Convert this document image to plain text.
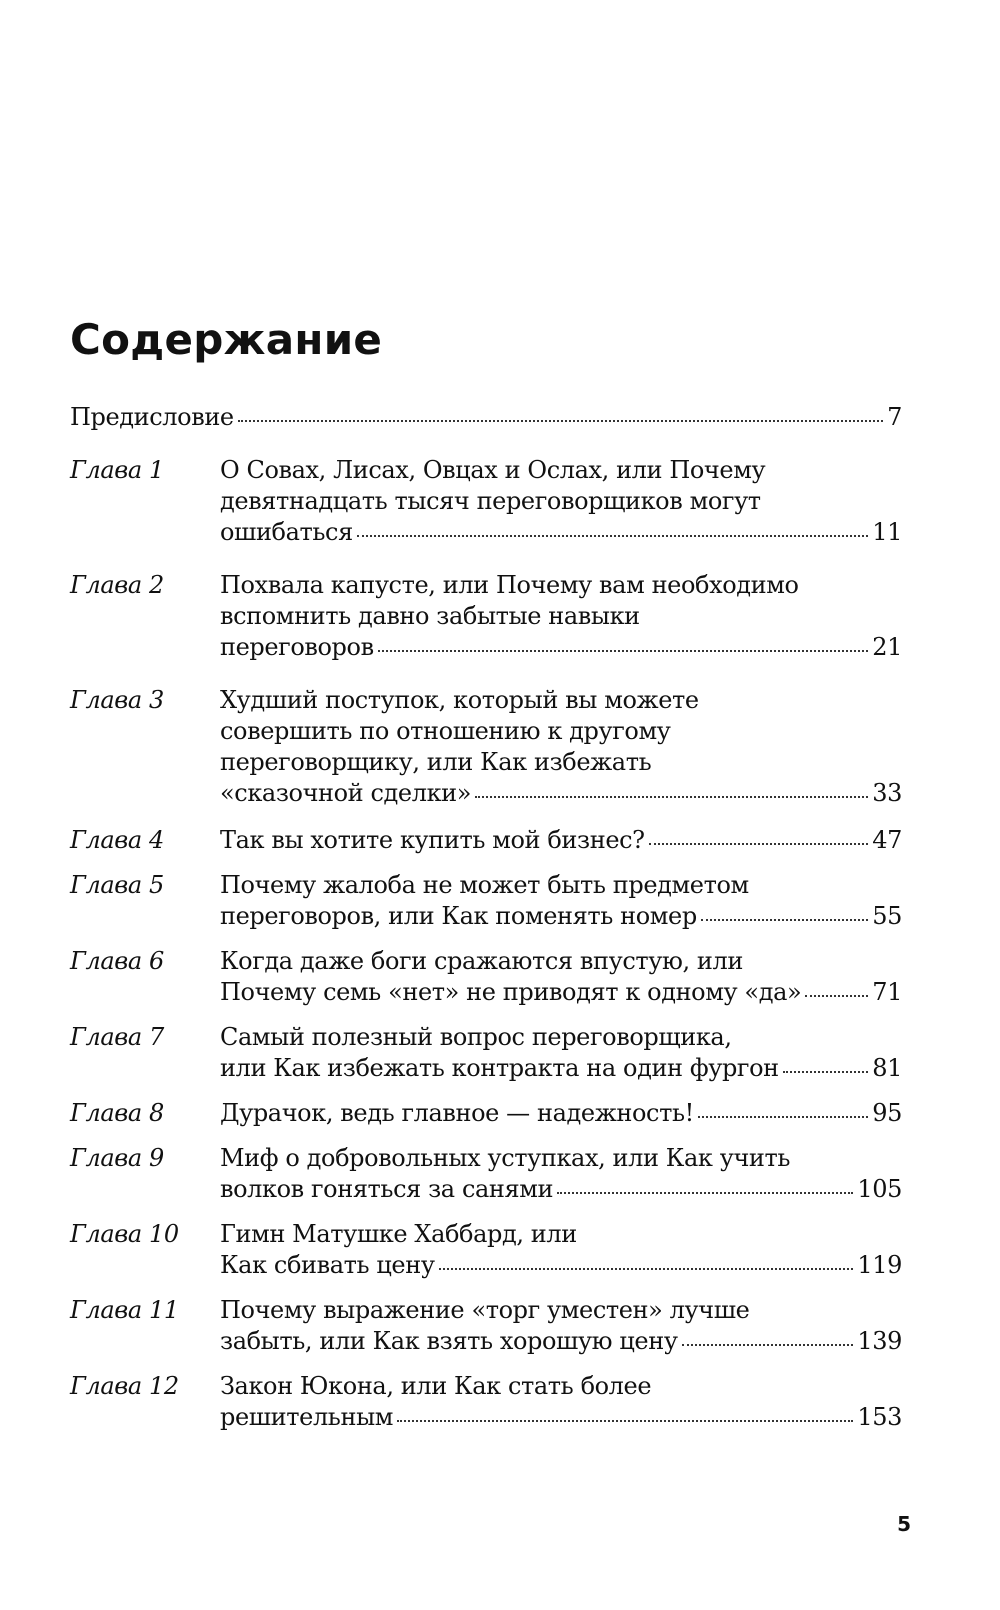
Содержание
Предисловие	7
Глава 1	О Совах, Лисах, Овцах и Ослах, или Почему
девятнадцать тысяч переговорщиков могут
ошибаться	11
Глава 2	Похвала капусте, или Почему вам необходимо
вспомнить давно забытые навыки
переговоров	21
Глава 3	Худший поступок, который вы можете
совершить по отношению к другому
переговорщику, или Как избежать
«сказочной сделки»	33
Глава 4	Так вы хотите купить мой бизнес?	47
Глава 5	Почему жалоба не может быть предметом
переговоров, или Как поменять номер	55
Глава 6	Когда даже боги сражаются впустую, или
Почему семь «нет» не приводят к одному «да»	71
Глава 7	Самый полезный вопрос переговорщика,
или Как избежать контракта на один фургон	81
Глава 8	Дурачок, ведь главное — надежность!	95
Глава 9	Миф о добровольных уступках, или Как учить
волков гоняться за санями	105
Глава 10	Гимн Матушке Хаббард, или
Как сбивать цену	119
Глава 11	Почему выражение «торг уместен» лучше
забыть, или Как взять хорошую цену	139
Глава 12	Закон Юкона, или Как стать более
решительным	153
5
